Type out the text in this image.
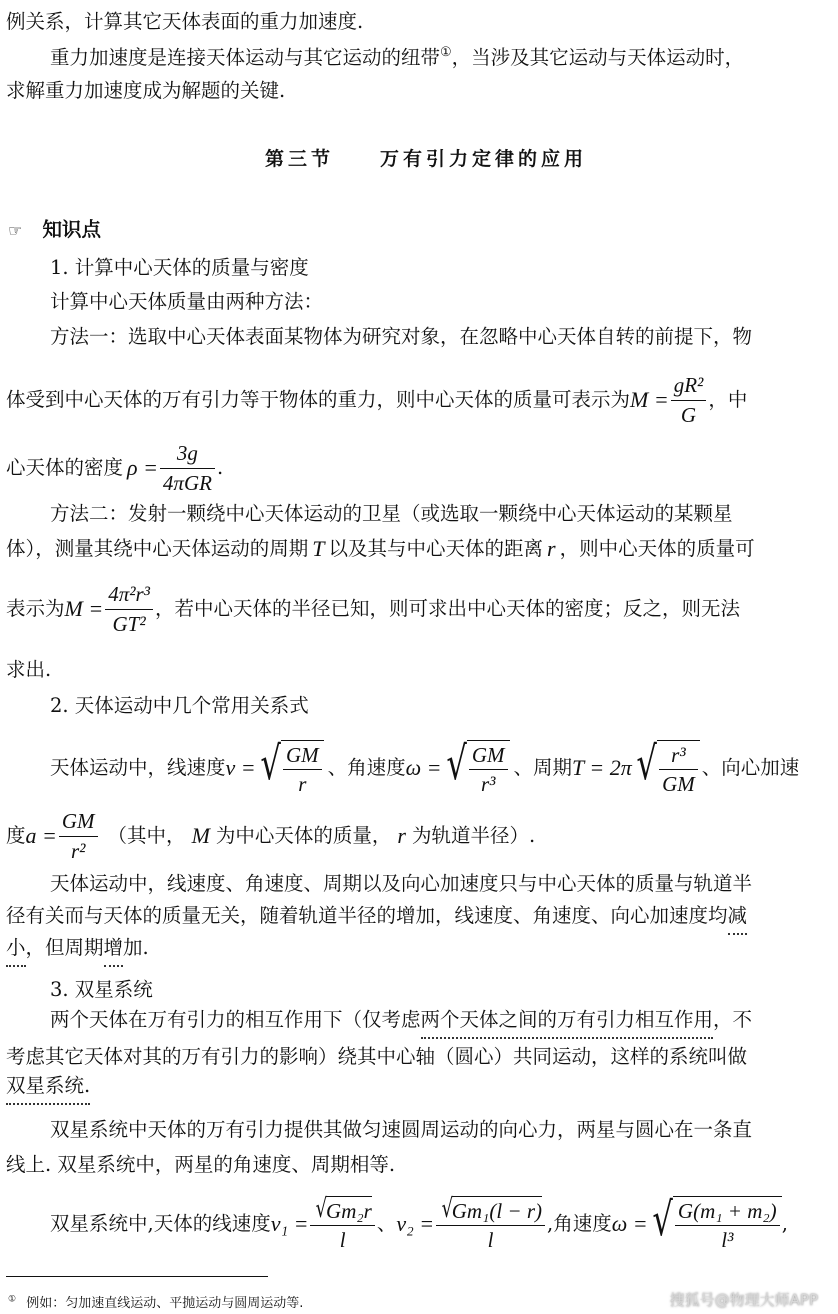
例关系，计算其它天体表面的重力加速度.
重力加速度是连接天体运动与其它运动的纽带①，当涉及其它运动与天体运动时，
求解重力加速度成为解题的关键.
第三节　　万有引力定律的应用
☞ 知识点
1. 计算中心天体的质量与密度
计算中心天体质量由两种方法：
方法一：选取中心天体表面某物体为研究对象，在忽略中心天体自转的前提下，物
体受到中心天体的万有引力等于物体的重力，则中心天体的质量可表示为 $M = \frac{\text{gR²}}{G}$ ，中
心天体的密度 $\rho = \frac{3g}{\text{4πGR}}$ .
方法二：发射一颗绕中心天体运动的卫星（或选取一颗绕中心天体运动的某颗星
体），测量其绕中心天体运动的周期 T 以及其与中心天体的距离 r ，则中心天体的质量可
表示为 $M = \frac{\text{4π²r³}}{\text{GT²}}$ ，若中心天体的半径已知，则可求出中心天体的密度；反之，则无法
求出.
2. 天体运动中几个常用关系式
天体运动中，线速度 v = √ $\frac{GM}{r}$ 、角速度 ω = √ $\frac{GM}{\text{r³}}$ 、周期 T = 2π √ $\frac{\text{r³}}{GM}$ 、向心加速
度 $a = \frac{GM}{\text{r²}}$ （其中， M 为中心天体的质量， r 为轨道半径）.
天体运动中，线速度、角速度、周期以及向心加速度只与中心天体的质量与轨道半
径有关而与天体的质量无关，随着轨道半径的增加，线速度、角速度、向心加速度均减
小，但周期增加.
3. 双星系统
两个天体在万有引力的相互作用下（仅考虑两个天体之间的万有引力相互作用，不
考虑其它天体对其的万有引力的影响）绕其中心轴（圆心）共同运动，这样的系统叫做
双星系统.
双星系统中天体的万有引力提供其做匀速圆周运动的向心力，两星与圆心在一条直
线上. 双星系统中，两星的角速度、周期相等.
双星系统中,天体的线速度 v₁ = √
Gm₂r
l 、 v₂ = √
Gm₁(l − r)
l ,角速度 ω = √ $\frac{\text{G(m₁ + m₂)}}{\text{l³}}$ ,
① 例如：匀加速直线运动、平抛运动与圆周运动等.	搜狐号@物理大师APP
